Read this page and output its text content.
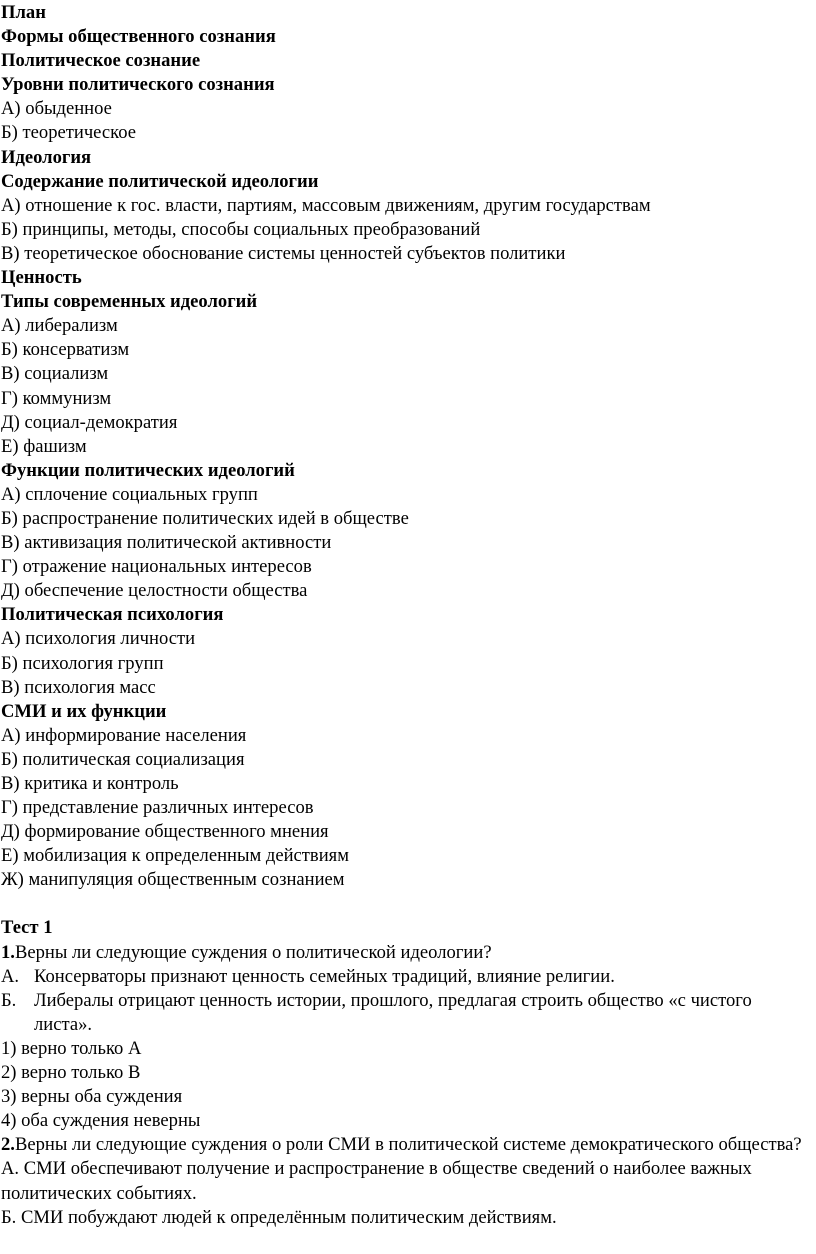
План
Формы общественного сознания
Политическое сознание
Уровни политического сознания
А) обыденное
Б) теоретическое
Идеология
Содержание политической идеологии
А) отношение к гос. власти, партиям, массовым движениям, другим государствам
Б) принципы, методы, способы социальных преобразований
В) теоретическое обоснование системы ценностей субъектов политики
Ценность
Типы современных идеологий
А) либерализм
Б) консерватизм
В) социализм
Г) коммунизм
Д) социал-демократия
Е) фашизм
Функции политических идеологий
А) сплочение социальных групп
Б) распространение политических идей в обществе
В) активизация политической активности
Г) отражение национальных интересов
Д) обеспечение целостности общества
Политическая психология
А) психология личности
Б) психология групп
В) психология масс
СМИ и их функции
А) информирование населения
Б) политическая социализация
В) критика и контроль
Г) представление различных интересов
Д) формирование общественного мнения
Е) мобилизация к определенным действиям
Ж) манипуляция общественным сознанием
Тест 1
1.Верны ли следующие суждения о политической идеологии?
А. Консерваторы признают ценность семейных традиций, влияние религии.
Б. Либералы отрицают ценность истории, прошлого, предлагая строить общество «с чистого листа».
1) верно только А
2) верно только В
3) верны оба суждения
4) оба суждения неверны
2.Верны ли следующие суждения о роли СМИ в политической системе демократического общества?
А. СМИ обеспечивают получение и распространение в обществе сведений о наиболее важных политических событиях.
Б. СМИ побуждают людей к определённым политическим действиям.
